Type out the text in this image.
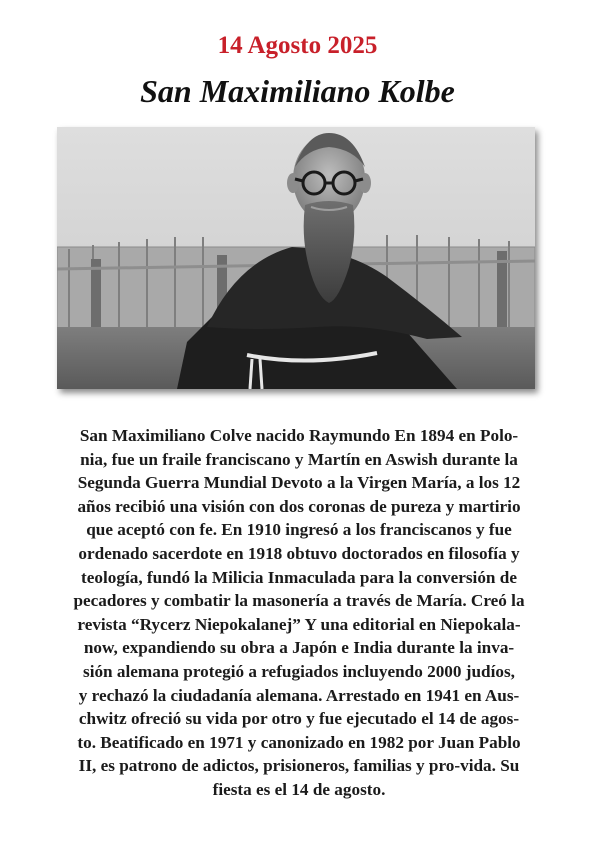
14 Agosto 2025
San Maximiliano Kolbe
San Maximiliano Colve nacido Raymundo En 1894 en Polo-
nia, fue un fraile franciscano y Martín en Aswish durante la
Segunda Guerra Mundial Devoto a la Virgen María, a los 12
años recibió una visión con dos coronas de pureza y martirio
que aceptó con fe. En 1910 ingresó a los franciscanos y fue
ordenado sacerdote en 1918 obtuvo doctorados en filosofía y
teología, fundó la Milicia Inmaculada para la conversión de
pecadores y combatir la masonería a través de María. Creó la
revista “Rycerz Niepokalanej” Y una editorial en Niepokala-
now, expandiendo su obra a Japón e India durante la inva-
sión alemana protegió a refugiados incluyendo 2000 judíos,
y rechazó la ciudadanía alemana. Arrestado en 1941 en Aus-
chwitz ofreció su vida por otro y fue ejecutado el 14 de agos-
to. Beatificado en 1971 y canonizado en 1982 por Juan Pablo
II, es patrono de adictos, prisioneros, familias y pro-vida. Su
fiesta es el 14 de agosto.
